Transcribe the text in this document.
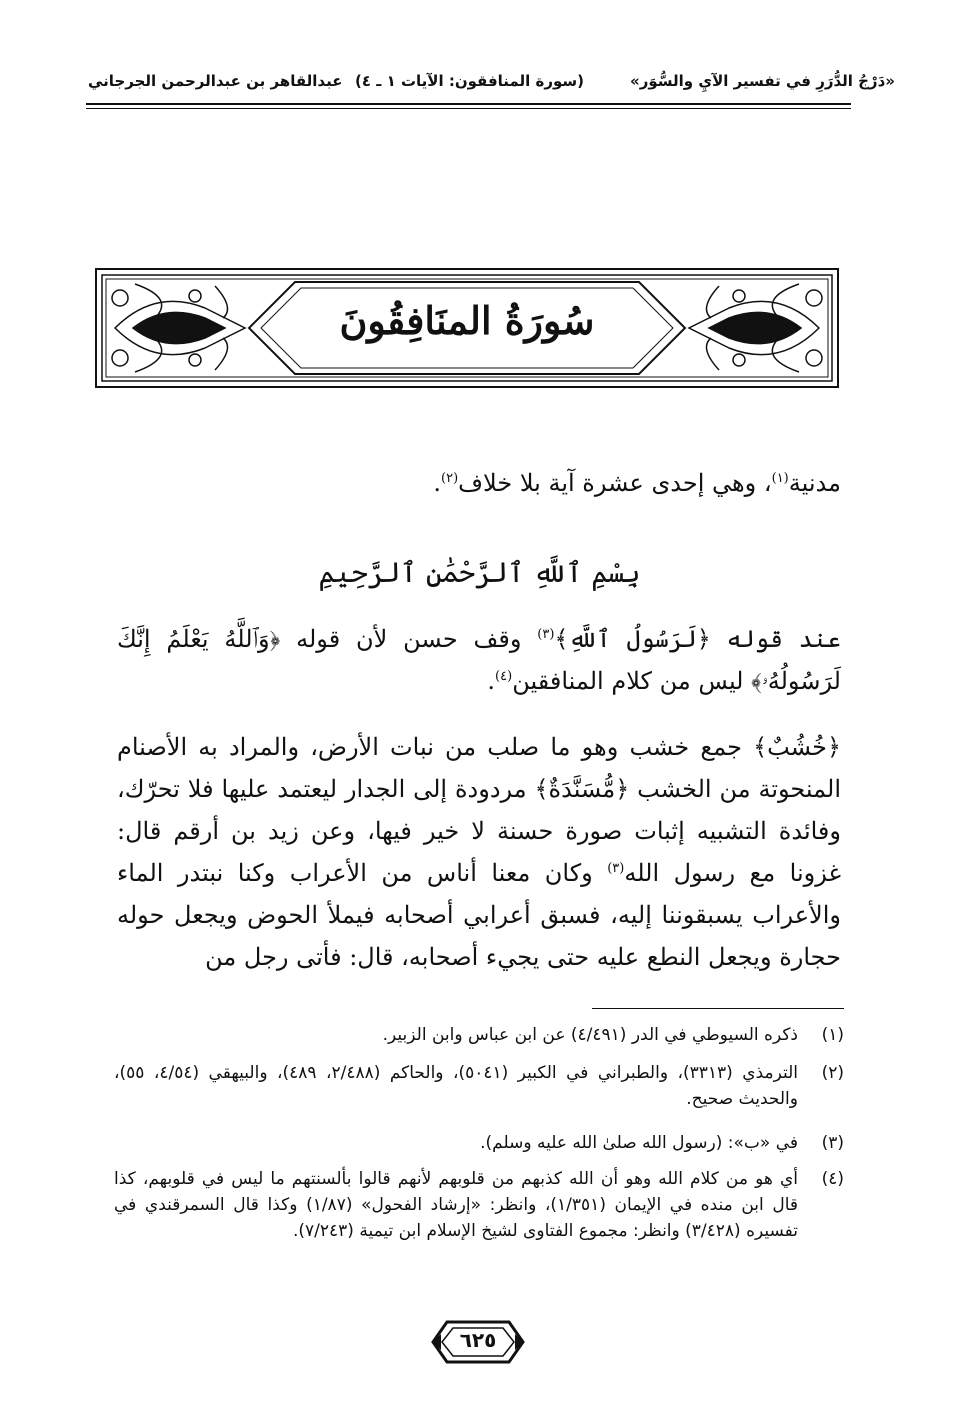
«دَرْجُ الدُّرَرِ في تفسير الآيِ والسُّوَر»
(سورة المنافقون: الآيات ١ ـ ٤)
عبدالقاهر بن عبدالرحمن الجرجاني
سُورَةُ المنَافِقُونَ
مدنية$^{(١)}$، وهي إحدى عشرة آية بلا خلاف$^{(٢)}$.
بِسْمِ ٱللَّهِ ٱلرَّحْمَٰنِ ٱلرَّحِيمِ
عند قوله ﴿لَرَسُولُ ٱللَّهِ﴾$^{(٣)}$ وقف حسن لأن قوله ﴿وَٱللَّهُ يَعْلَمُ إِنَّكَ لَرَسُولُهُۥ﴾ ليس من كلام المنافقين$^{(٤)}$.
﴿خُشُبٌ﴾ جمع خشب وهو ما صلب من نبات الأرض، والمراد به الأصنام المنحوتة من الخشب ﴿مُّسَنَّدَةٌ﴾ مردودة إلى الجدار ليعتمد عليها فلا تحرّك، وفائدة التشبيه إثبات صورة حسنة لا خير فيها، وعن زيد بن أرقم قال: غزونا مع رسول الله$^{(٣)}$ وكان معنا أناس من الأعراب وكنا نبتدر الماء والأعراب يسبقوننا إليه، فسبق أعرابي أصحابه فيملأ الحوض ويجعل حوله حجارة ويجعل النطع عليه حتى يجيء أصحابه، قال: فأتى رجل من
(١)
ذكره السيوطي في الدر (٤/٤٩١) عن ابن عباس وابن الزبير.
(٢)
الترمذي (٣٣١٣)، والطبراني في الكبير (٥٠٤١)، والحاكم (٢/٤٨٨، ٤٨٩)، والبيهقي (٤/٥٤، ٥٥)، والحديث صحيح.
(٣)
في «ب»: (رسول الله صلىٰ الله عليه وسلم).
(٤)
أي هو من كلام الله وهو أن الله كذبهم من قلوبهم لأنهم قالوا بألسنتهم ما ليس في قلوبهم، كذا قال ابن منده في الإيمان (١/٣٥١)، وانظر: «إرشاد الفحول» (١/٨٧) وكذا قال السمرقندي في تفسيره (٣/٤٢٨) وانظر: مجموع الفتاوى لشيخ الإسلام ابن تيمية (٧/٢٤٣).
٦٢٥
